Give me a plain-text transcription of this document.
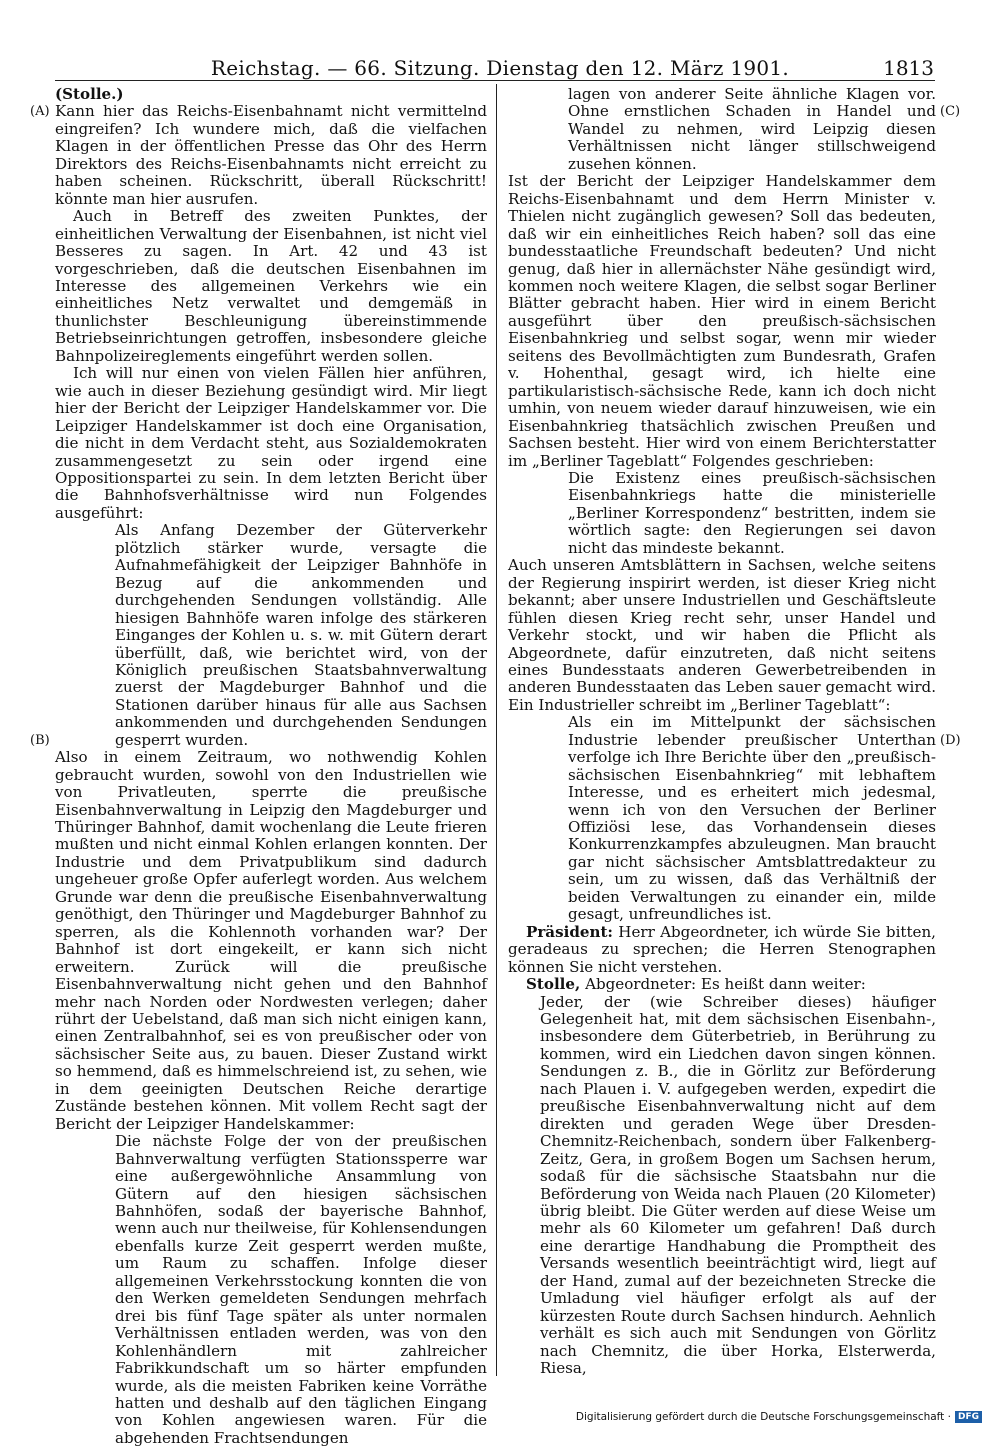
Reichstag. — 66. Sitzung. Dienstag den 12. März 1901.	1813
(A)
(B)
(C)
(D)

(Stolle.)

Kann hier das Reichs-Eisenbahnamt nicht vermittelnd eingreifen? Ich wundere mich, daß die vielfachen Klagen in der öffentlichen Presse das Ohr des Herrn Direktors des Reichs-Eisenbahnamts nicht erreicht zu haben scheinen. Rückschritt, überall Rückschritt! könnte man hier ausrufen.

Auch in Betreff des zweiten Punktes, der einheitlichen Verwaltung der Eisenbahnen, ist nicht viel Besseres zu sagen. In Art. 42 und 43 ist vorgeschrieben, daß die deutschen Eisenbahnen im Interesse des allgemeinen Verkehrs wie ein einheitliches Netz verwaltet und demgemäß in thunlichster Beschleunigung übereinstimmende Betriebseinrichtungen getroffen, insbesondere gleiche Bahnpolizeireglements eingeführt werden sollen.

Ich will nur einen von vielen Fällen hier anführen, wie auch in dieser Beziehung gesündigt wird. Mir liegt hier der Bericht der Leipziger Handelskammer vor. Die Leipziger Handelskammer ist doch eine Organisation, die nicht in dem Verdacht steht, aus Sozialdemokraten zusammengesetzt zu sein oder irgend eine Oppositionspartei zu sein. In dem letzten Bericht über die Bahnhofsverhältnisse wird nun Folgendes ausgeführt:

Als Anfang Dezember der Güterverkehr plötzlich stärker wurde, versagte die Aufnahmefähigkeit der Leipziger Bahnhöfe in Bezug auf die ankommenden und durchgehenden Sendungen vollständig. Alle hiesigen Bahnhöfe waren infolge des stärkeren Einganges der Kohlen u. s. w. mit Gütern derart überfüllt, daß, wie berichtet wird, von der Königlich preußischen Staatsbahnverwaltung zuerst der Magdeburger Bahnhof und die Stationen darüber hinaus für alle aus Sachsen ankommenden und durchgehenden Sendungen gesperrt wurden.

Also in einem Zeitraum, wo nothwendig Kohlen gebraucht wurden, sowohl von den Industriellen wie von Privatleuten, sperrte die preußische Eisenbahnverwaltung in Leipzig den Magdeburger und Thüringer Bahnhof, damit wochenlang die Leute frieren mußten und nicht einmal Kohlen erlangen konnten. Der Industrie und dem Privatpublikum sind dadurch ungeheuer große Opfer auferlegt worden. Aus welchem Grunde war denn die preußische Eisenbahnverwaltung genöthigt, den Thüringer und Magdeburger Bahnhof zu sperren, als die Kohlennoth vorhanden war? Der Bahnhof ist dort eingekeilt, er kann sich nicht erweitern. Zurück will die preußische Eisenbahnverwaltung nicht gehen und den Bahnhof mehr nach Norden oder Nordwesten verlegen; daher rührt der Uebelstand, daß man sich nicht einigen kann, einen Zentralbahnhof, sei es von preußischer oder von sächsischer Seite aus, zu bauen. Dieser Zustand wirkt so hemmend, daß es himmelschreiend ist, zu sehen, wie in dem geeinigten Deutschen Reiche derartige Zustände bestehen können. Mit vollem Recht sagt der Bericht der Leipziger Handelskammer:

Die nächste Folge der von der preußischen Bahnverwaltung verfügten Stationssperre war eine außergewöhnliche Ansammlung von Gütern auf den hiesigen sächsischen Bahnhöfen, sodaß der bayerische Bahnhof, wenn auch nur theilweise, für Kohlensendungen ebenfalls kurze Zeit gesperrt werden mußte, um Raum zu schaffen. Infolge dieser allgemeinen Verkehrsstockung konnten die von den Werken gemeldeten Sendungen mehrfach drei bis fünf Tage später als unter normalen Verhältnissen entladen werden, was von den Kohlenhändlern mit zahlreicher Fabrikkundschaft um so härter empfunden wurde, als die meisten Fabriken keine Vorräthe hatten und deshalb auf den täglichen Eingang von Kohlen angewiesen waren. Für die abgehenden Frachtsendungen

lagen von anderer Seite ähnliche Klagen vor. Ohne ernstlichen Schaden in Handel und Wandel zu nehmen, wird Leipzig diesen Verhältnissen nicht länger stillschweigend zusehen können.

Ist der Bericht der Leipziger Handelskammer dem Reichs-Eisenbahnamt und dem Herrn Minister v. Thielen nicht zugänglich gewesen? Soll das bedeuten, daß wir ein einheitliches Reich haben? soll das eine bundesstaatliche Freundschaft bedeuten? Und nicht genug, daß hier in allernächster Nähe gesündigt wird, kommen noch weitere Klagen, die selbst sogar Berliner Blätter gebracht haben. Hier wird in einem Bericht ausgeführt über den preußisch-sächsischen Eisenbahnkrieg und selbst sogar, wenn mir wieder seitens des Bevollmächtigten zum Bundesrath, Grafen v. Hohenthal, gesagt wird, ich hielte eine partikularistisch-sächsische Rede, kann ich doch nicht umhin, von neuem wieder darauf hinzuweisen, wie ein Eisenbahnkrieg thatsächlich zwischen Preußen und Sachsen besteht. Hier wird von einem Berichterstatter im „Berliner Tageblatt“ Folgendes geschrieben:

Die Existenz eines preußisch-sächsischen Eisenbahnkriegs hatte die ministerielle „Berliner Korrespondenz“ bestritten, indem sie wörtlich sagte: den Regierungen sei davon nicht das mindeste bekannt.

Auch unseren Amtsblättern in Sachsen, welche seitens der Regierung inspirirt werden, ist dieser Krieg nicht bekannt; aber unsere Industriellen und Geschäftsleute fühlen diesen Krieg recht sehr, unser Handel und Verkehr stockt, und wir haben die Pflicht als Abgeordnete, dafür einzutreten, daß nicht seitens eines Bundesstaats anderen Gewerbetreibenden in anderen Bundesstaaten das Leben sauer gemacht wird. Ein Industrieller schreibt im „Berliner Tageblatt“:

Als ein im Mittelpunkt der sächsischen Industrie lebender preußischer Unterthan verfolge ich Ihre Berichte über den „preußisch-sächsischen Eisenbahnkrieg“ mit lebhaftem Interesse, und es erheitert mich jedesmal, wenn ich von den Versuchen der Berliner Offiziösi lese, das Vorhandensein dieses Konkurrenzkampfes abzuleugnen. Man braucht gar nicht sächsischer Amtsblattredakteur zu sein, um zu wissen, daß das Verhältniß der beiden Verwaltungen zu einander ein, milde gesagt, unfreundliches ist.

Präsident: Herr Abgeordneter, ich würde Sie bitten, geradeaus zu sprechen; die Herren Stenographen können Sie nicht verstehen.

Stolle, Abgeordneter: Es heißt dann weiter:

Jeder, der (wie Schreiber dieses) häufiger Gelegenheit hat, mit dem sächsischen Eisenbahn-, insbesondere dem Güterbetrieb, in Berührung zu kommen, wird ein Liedchen davon singen können. Sendungen z. B., die in Görlitz zur Beförderung nach Plauen i. V. aufgegeben werden, expedirt die preußische Eisenbahnverwaltung nicht auf dem direkten und geraden Wege über Dresden-Chemnitz-Reichenbach, sondern über Falkenberg-Zeitz, Gera, in großem Bogen um Sachsen herum, sodaß für die sächsische Staatsbahn nur die Beförderung von Weida nach Plauen (20 Kilometer) übrig bleibt. Die Güter werden auf diese Weise um mehr als 60 Kilometer um gefahren! Daß durch eine derartige Handhabung die Promptheit des Versands wesentlich beeinträchtigt wird, liegt auf der Hand, zumal auf der bezeichneten Strecke die Umladung viel häufiger erfolgt als auf der kürzesten Route durch Sachsen hindurch. Aehnlich verhält es sich auch mit Sendungen von Görlitz nach Chemnitz, die über Horka, Elsterwerda, Riesa,

Digitalisierung gefördert durch die Deutsche Forschungsgemeinschaft · DFG
